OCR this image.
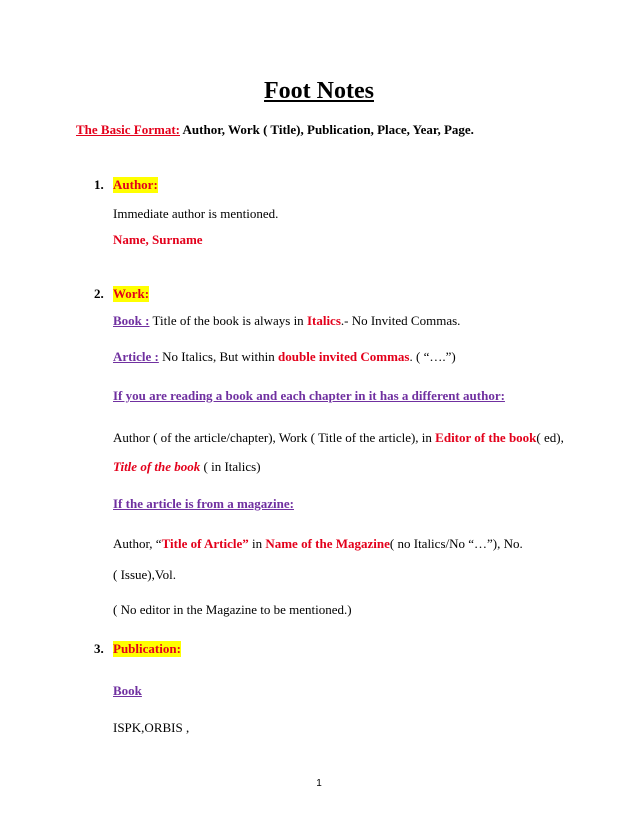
Foot Notes
The Basic Format: Author, Work ( Title), Publication, Place, Year, Page.
1. Author:
Immediate author is mentioned.
Name, Surname
2. Work:
Book : Title of the book is always in Italics.- No Invited Commas.
Article : No Italics, But within double invited Commas. ( “….”)
If you are reading a book and each chapter in it has a different author:
Author ( of the article/chapter), Work ( Title of the article), in Editor of the book( ed),
Title of the book ( in Italics)
If the article is from a magazine:
Author, “Title of Article” in Name of the Magazine( no Italics/No “…”), No.
( Issue),Vol.
( No editor in the Magazine to be mentioned.)
3. Publication:
Book
ISPK,ORBIS ,
1
